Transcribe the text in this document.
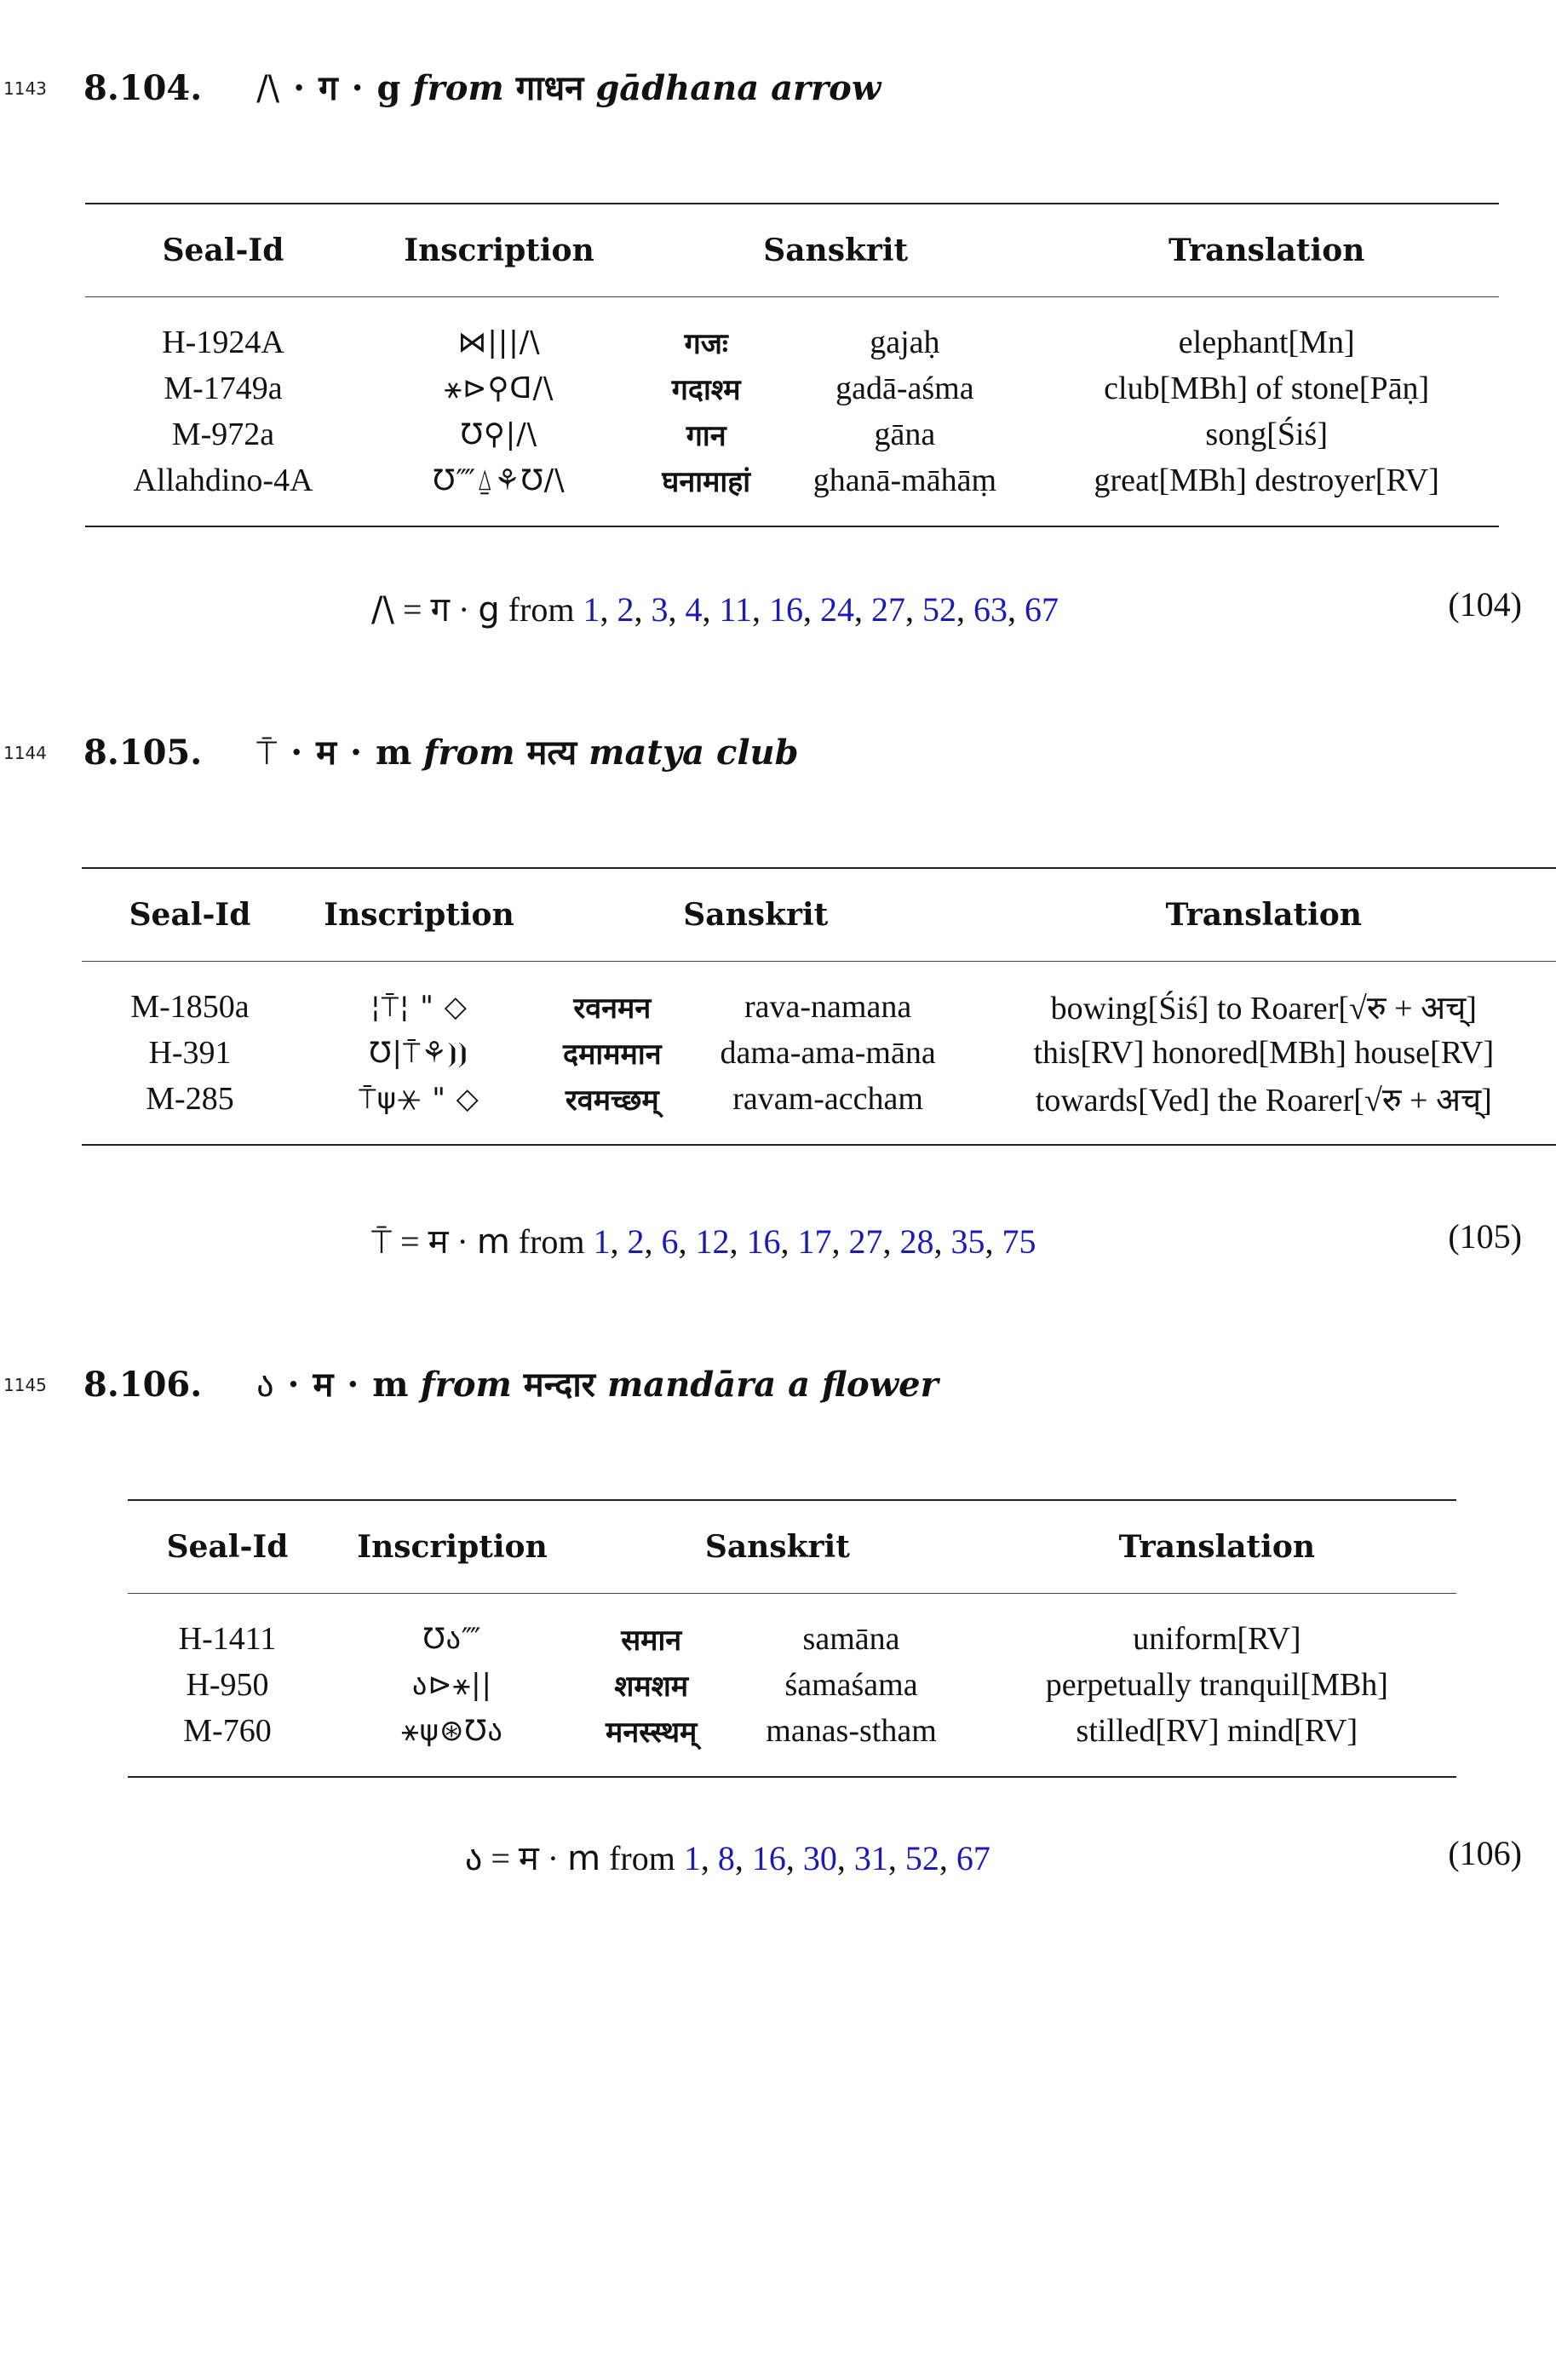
1143 8.104. /\ · ग · g from गाधन gādhana arrow
Seal-Id	Inscription	Sanskrit		Translation
H-1924A	⋈|||/\	गजः	gajaḥ	elephant[Mn]
M-1749a	⚹⊳⚲ᗡ/\	गदाश्म	gadā-aśma	club[MBh] of stone[Pāṇ]
M-972a	Ʊ⚲|/\	गान	gāna	song[Śiś]
Allahdino-4A	Ʊ⁗⍙⚘Ʊ/\	घनामाहां	ghanā-māhāṃ	great[MBh] destroyer[RV]
/\ = ग · g from 1, 2, 3, 4, 11, 16, 24, 27, 52, 63, 67	(104)
1144 8.105. ⍑ · म · m from मत्य matya club
Seal-Id	Inscription	Sanskrit		Translation
M-1850a	¦⍑¦ " ◇	रवनमन	rava-namana	bowing[Śiś] to Roarer[√रु + अच्]
H-391	Ʊ|⍑⚘⦘⦘	दमाममान	dama-ama-māna	this[RV] honored[MBh] house[RV]
M-285	⍑ψ⚹ " ◇	रवमच्छम्	ravam-accham	towards[Ved] the Roarer[√रु + अच्]
⍑ = म · m from 1, 2, 6, 12, 16, 17, 27, 28, 35, 75	(105)
1145 8.106. ა · म · m from मन्दार mandāra a flower
Seal-Id	Inscription	Sanskrit		Translation
H-1411	Ʊა⁗	समान	samāna	uniform[RV]
H-950	ა⊳⚹||	शमशम	śamaśama	perpetually tranquil[MBh]
M-760	⚹ψ⊛Ʊა	मनस्स्थम्	manas-stham	stilled[RV] mind[RV]
ა = म · m from 1, 8, 16, 30, 31, 52, 67	(106)
